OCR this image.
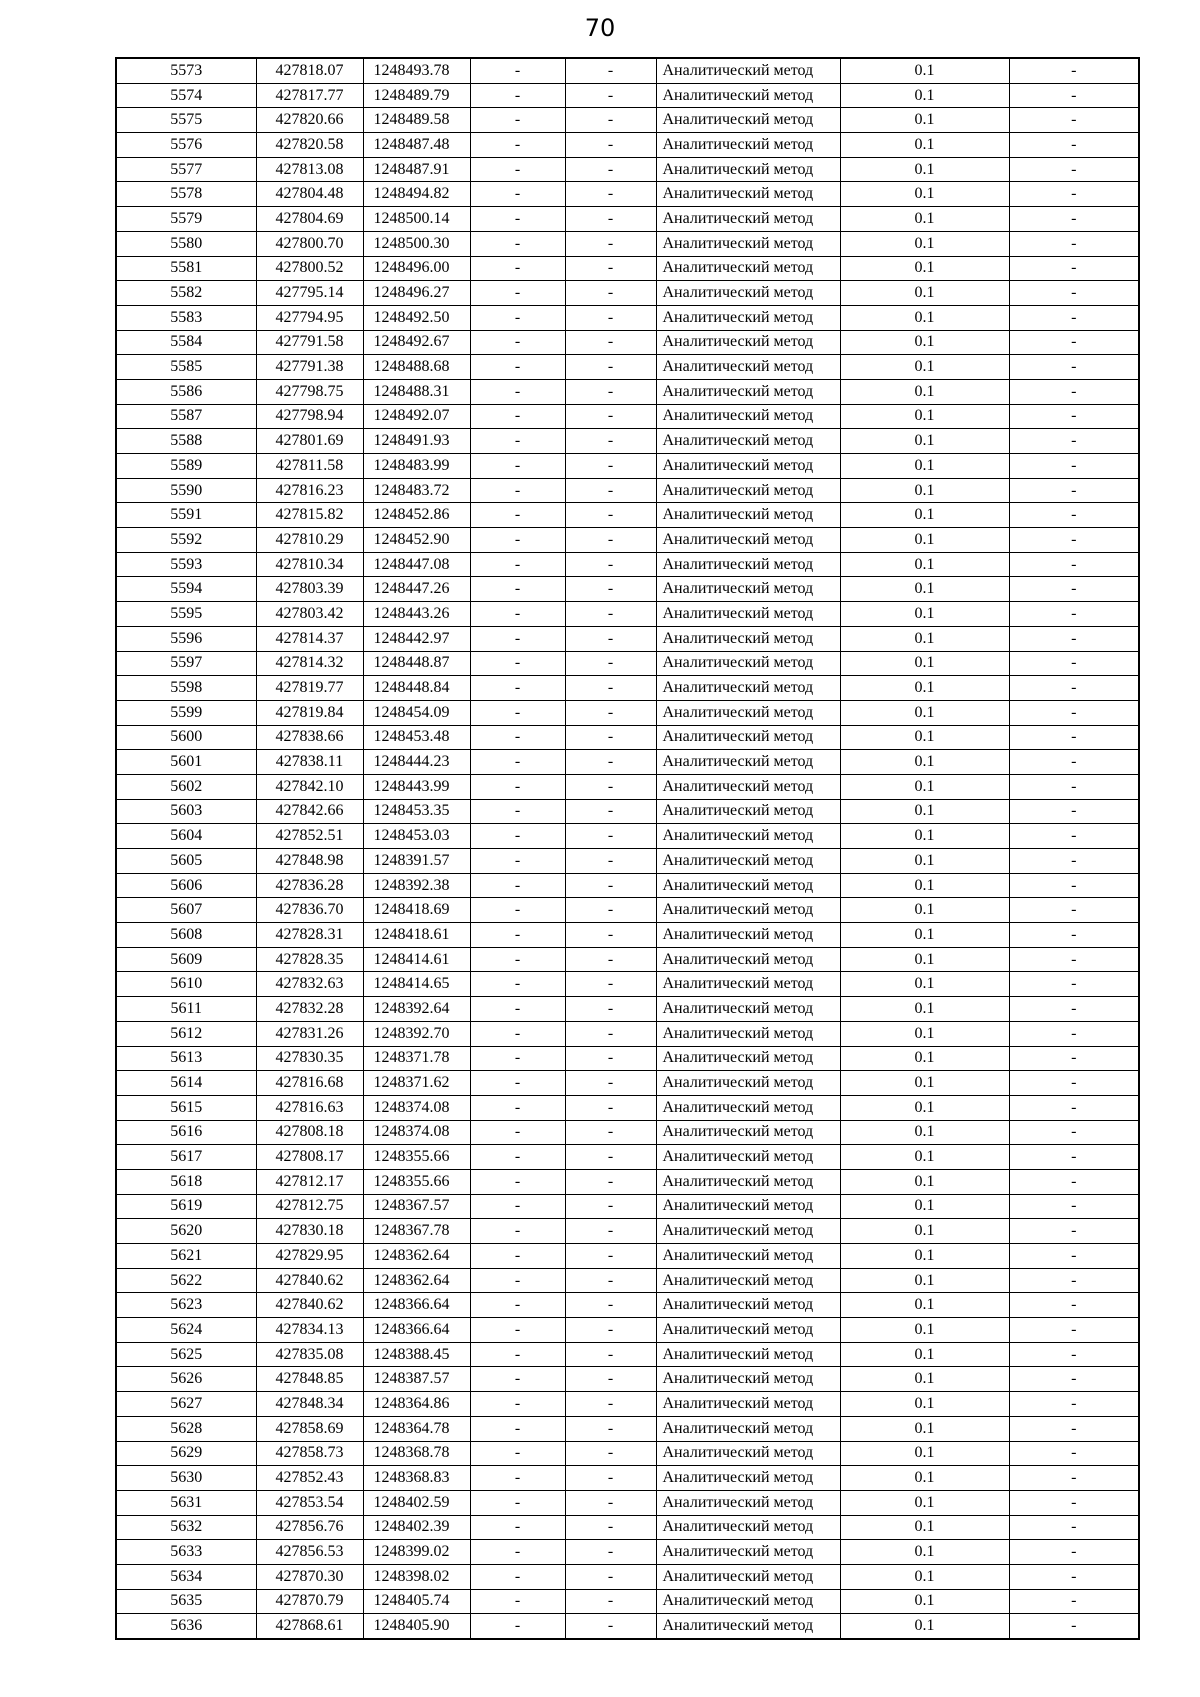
70
5573	427818.07	1248493.78	-	-	Аналитический метод	0.1	-
5574	427817.77	1248489.79	-	-	Аналитический метод	0.1	-
5575	427820.66	1248489.58	-	-	Аналитический метод	0.1	-
5576	427820.58	1248487.48	-	-	Аналитический метод	0.1	-
5577	427813.08	1248487.91	-	-	Аналитический метод	0.1	-
5578	427804.48	1248494.82	-	-	Аналитический метод	0.1	-
5579	427804.69	1248500.14	-	-	Аналитический метод	0.1	-
5580	427800.70	1248500.30	-	-	Аналитический метод	0.1	-
5581	427800.52	1248496.00	-	-	Аналитический метод	0.1	-
5582	427795.14	1248496.27	-	-	Аналитический метод	0.1	-
5583	427794.95	1248492.50	-	-	Аналитический метод	0.1	-
5584	427791.58	1248492.67	-	-	Аналитический метод	0.1	-
5585	427791.38	1248488.68	-	-	Аналитический метод	0.1	-
5586	427798.75	1248488.31	-	-	Аналитический метод	0.1	-
5587	427798.94	1248492.07	-	-	Аналитический метод	0.1	-
5588	427801.69	1248491.93	-	-	Аналитический метод	0.1	-
5589	427811.58	1248483.99	-	-	Аналитический метод	0.1	-
5590	427816.23	1248483.72	-	-	Аналитический метод	0.1	-
5591	427815.82	1248452.86	-	-	Аналитический метод	0.1	-
5592	427810.29	1248452.90	-	-	Аналитический метод	0.1	-
5593	427810.34	1248447.08	-	-	Аналитический метод	0.1	-
5594	427803.39	1248447.26	-	-	Аналитический метод	0.1	-
5595	427803.42	1248443.26	-	-	Аналитический метод	0.1	-
5596	427814.37	1248442.97	-	-	Аналитический метод	0.1	-
5597	427814.32	1248448.87	-	-	Аналитический метод	0.1	-
5598	427819.77	1248448.84	-	-	Аналитический метод	0.1	-
5599	427819.84	1248454.09	-	-	Аналитический метод	0.1	-
5600	427838.66	1248453.48	-	-	Аналитический метод	0.1	-
5601	427838.11	1248444.23	-	-	Аналитический метод	0.1	-
5602	427842.10	1248443.99	-	-	Аналитический метод	0.1	-
5603	427842.66	1248453.35	-	-	Аналитический метод	0.1	-
5604	427852.51	1248453.03	-	-	Аналитический метод	0.1	-
5605	427848.98	1248391.57	-	-	Аналитический метод	0.1	-
5606	427836.28	1248392.38	-	-	Аналитический метод	0.1	-
5607	427836.70	1248418.69	-	-	Аналитический метод	0.1	-
5608	427828.31	1248418.61	-	-	Аналитический метод	0.1	-
5609	427828.35	1248414.61	-	-	Аналитический метод	0.1	-
5610	427832.63	1248414.65	-	-	Аналитический метод	0.1	-
5611	427832.28	1248392.64	-	-	Аналитический метод	0.1	-
5612	427831.26	1248392.70	-	-	Аналитический метод	0.1	-
5613	427830.35	1248371.78	-	-	Аналитический метод	0.1	-
5614	427816.68	1248371.62	-	-	Аналитический метод	0.1	-
5615	427816.63	1248374.08	-	-	Аналитический метод	0.1	-
5616	427808.18	1248374.08	-	-	Аналитический метод	0.1	-
5617	427808.17	1248355.66	-	-	Аналитический метод	0.1	-
5618	427812.17	1248355.66	-	-	Аналитический метод	0.1	-
5619	427812.75	1248367.57	-	-	Аналитический метод	0.1	-
5620	427830.18	1248367.78	-	-	Аналитический метод	0.1	-
5621	427829.95	1248362.64	-	-	Аналитический метод	0.1	-
5622	427840.62	1248362.64	-	-	Аналитический метод	0.1	-
5623	427840.62	1248366.64	-	-	Аналитический метод	0.1	-
5624	427834.13	1248366.64	-	-	Аналитический метод	0.1	-
5625	427835.08	1248388.45	-	-	Аналитический метод	0.1	-
5626	427848.85	1248387.57	-	-	Аналитический метод	0.1	-
5627	427848.34	1248364.86	-	-	Аналитический метод	0.1	-
5628	427858.69	1248364.78	-	-	Аналитический метод	0.1	-
5629	427858.73	1248368.78	-	-	Аналитический метод	0.1	-
5630	427852.43	1248368.83	-	-	Аналитический метод	0.1	-
5631	427853.54	1248402.59	-	-	Аналитический метод	0.1	-
5632	427856.76	1248402.39	-	-	Аналитический метод	0.1	-
5633	427856.53	1248399.02	-	-	Аналитический метод	0.1	-
5634	427870.30	1248398.02	-	-	Аналитический метод	0.1	-
5635	427870.79	1248405.74	-	-	Аналитический метод	0.1	-
5636	427868.61	1248405.90	-	-	Аналитический метод	0.1	-
